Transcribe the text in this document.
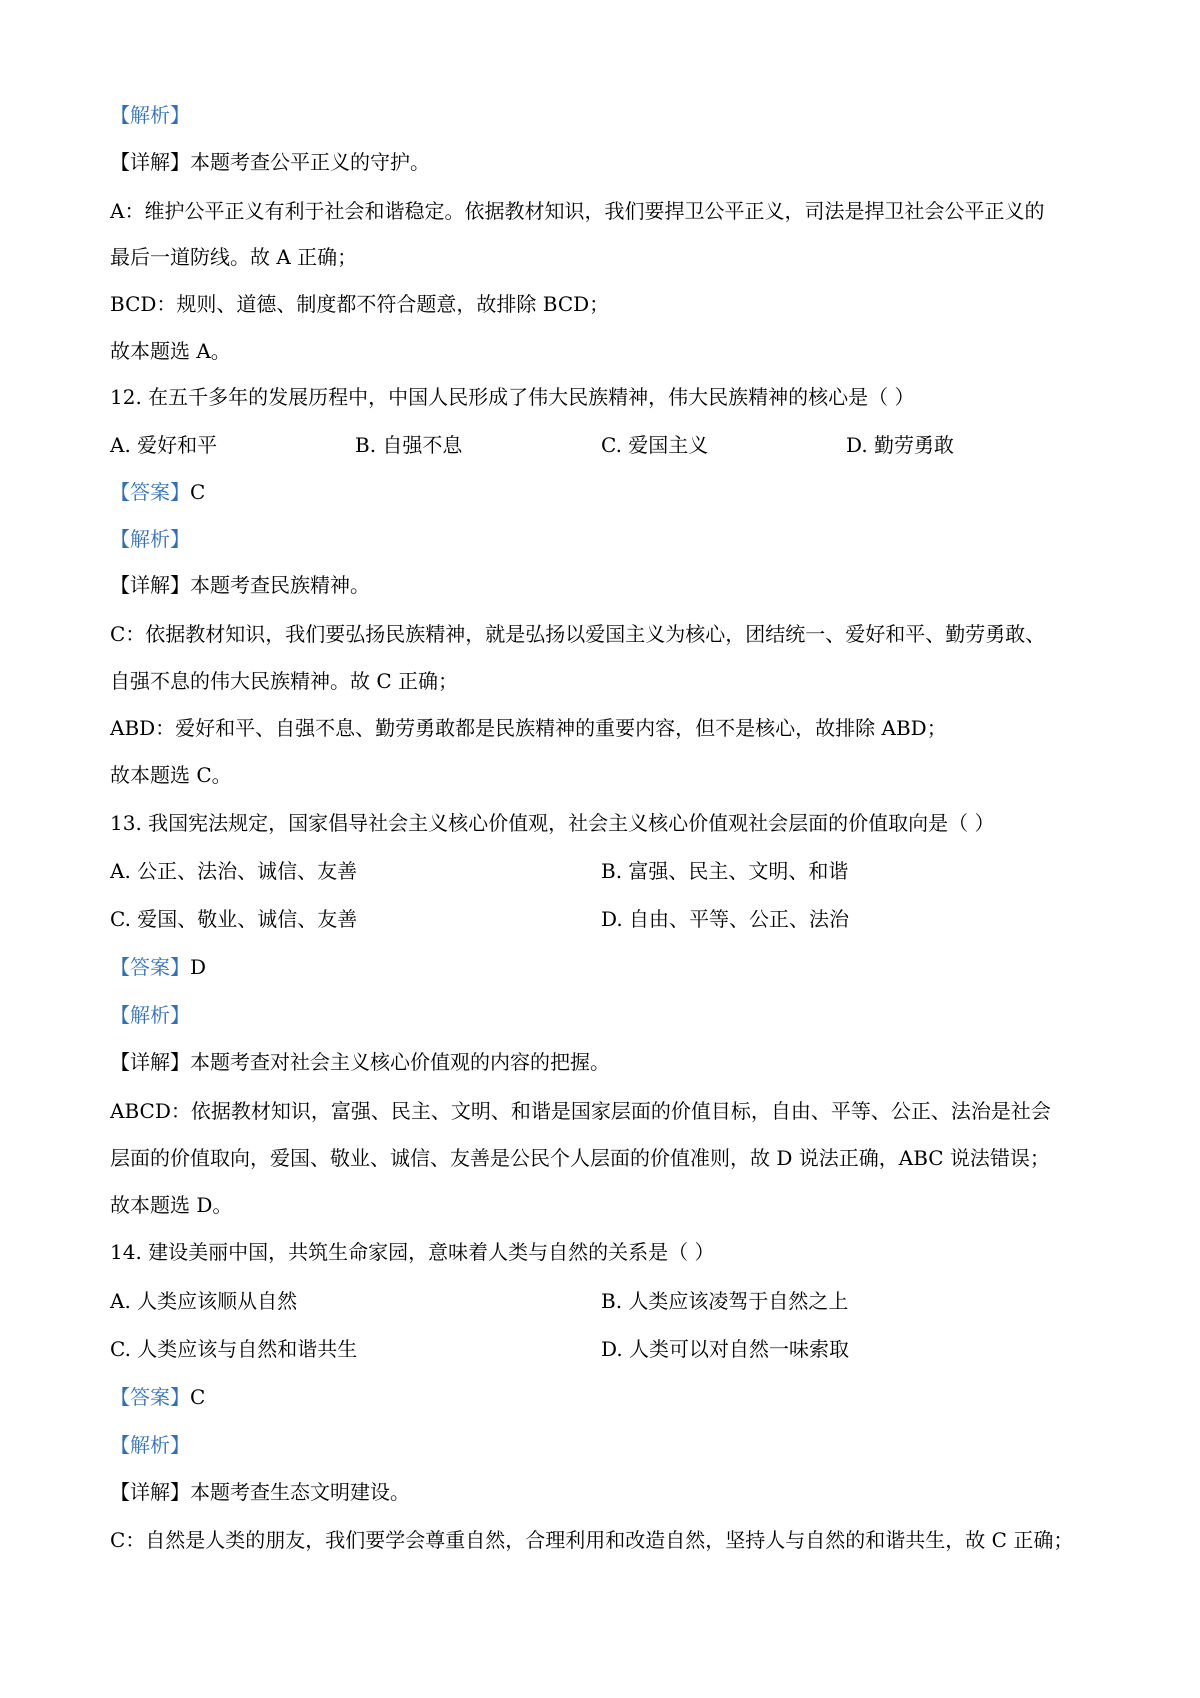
【解析】
【详解】本题考查公平正义的守护。
A：维护公平正义有利于社会和谐稳定。依据教材知识，我们要捍卫公平正义，司法是捍卫社会公平正义的
最后一道防线。故 A 正确；
BCD：规则、道德、制度都不符合题意，故排除 BCD；
故本题选 A。
12. 在五千多年的发展历程中，中国人民形成了伟大民族精神，伟大民族精神的核心是（ ）
A. 爱好和平	B. 自强不息	C. 爱国主义	D. 勤劳勇敢
【答案】C
【解析】
【详解】本题考查民族精神。
C：依据教材知识，我们要弘扬民族精神，就是弘扬以爱国主义为核心，团结统一、爱好和平、勤劳勇敢、
自强不息的伟大民族精神。故 C 正确；
ABD：爱好和平、自强不息、勤劳勇敢都是民族精神的重要内容，但不是核心，故排除 ABD；
故本题选 C。
13. 我国宪法规定，国家倡导社会主义核心价值观，社会主义核心价值观社会层面的价值取向是（ ）
A. 公正、法治、诚信、友善	B. 富强、民主、文明、和谐
C. 爱国、敬业、诚信、友善	D. 自由、平等、公正、法治
【答案】D
【解析】
【详解】本题考查对社会主义核心价值观的内容的把握。
ABCD：依据教材知识，富强、民主、文明、和谐是国家层面的价值目标，自由、平等、公正、法治是社会
层面的价值取向，爱国、敬业、诚信、友善是公民个人层面的价值准则，故 D 说法正确，ABC 说法错误；
故本题选 D。
14. 建设美丽中国，共筑生命家园，意味着人类与自然的关系是（ ）
A. 人类应该顺从自然	B. 人类应该凌驾于自然之上
C. 人类应该与自然和谐共生	D. 人类可以对自然一味索取
【答案】C
【解析】
【详解】本题考查生态文明建设。
C：自然是人类的朋友，我们要学会尊重自然，合理利用和改造自然，坚持人与自然的和谐共生，故 C 正确；
